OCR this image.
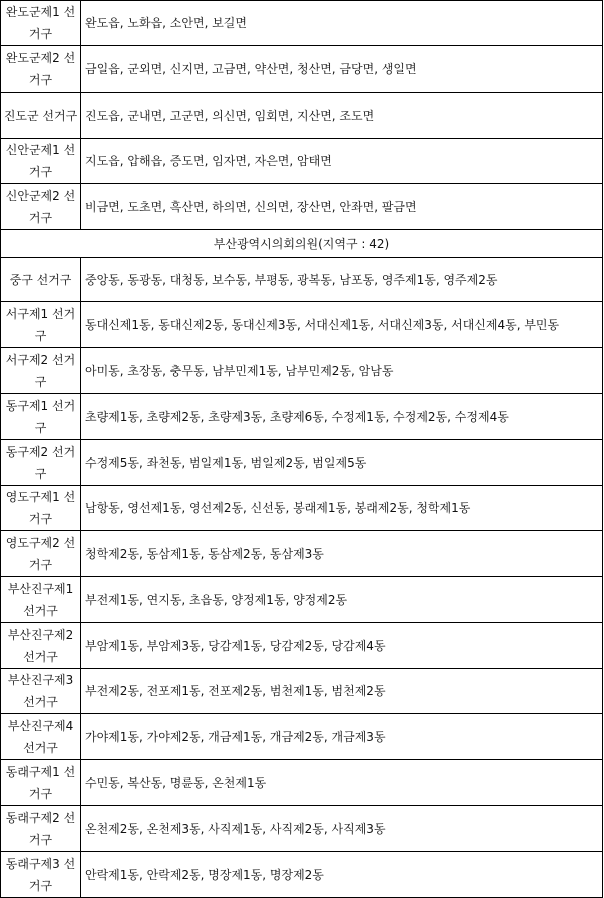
완도군제1 선거구	완도읍, 노화읍, 소안면, 보길면
완도군제2 선거구	금일읍, 군외면, 신지면, 고금면, 약산면, 청산면, 금당면, 생일면
진도군 선거구	진도읍, 군내면, 고군면, 의신면, 임회면, 지산면, 조도면
신안군제1 선거구	지도읍, 압해읍, 증도면, 임자면, 자은면, 암태면
신안군제2 선거구	비금면, 도초면, 흑산면, 하의면, 신의면, 장산면, 안좌면, 팔금면
부산광역시의회의원(지역구 : 42)	
중구 선거구	중앙동, 동광동, 대청동, 보수동, 부평동, 광복동, 남포동, 영주제1동, 영주제2동
서구제1 선거구	동대신제1동, 동대신제2동, 동대신제3동, 서대신제1동, 서대신제3동, 서대신제4동, 부민동
서구제2 선거구	아미동, 초장동, 충무동, 남부민제1동, 남부민제2동, 암남동
동구제1 선거구	초량제1동, 초량제2동, 초량제3동, 초량제6동, 수정제1동, 수정제2동, 수정제4동
동구제2 선거구	수정제5동, 좌천동, 범일제1동, 범일제2동, 범일제5동
영도구제1 선거구	남항동, 영선제1동, 영선제2동, 신선동, 봉래제1동, 봉래제2동, 청학제1동
영도구제2 선거구	청학제2동, 동삼제1동, 동삼제2동, 동삼제3동
부산진구제1 선거구	부전제1동, 연지동, 초읍동, 양정제1동, 양정제2동
부산진구제2 선거구	부암제1동, 부암제3동, 당감제1동, 당감제2동, 당감제4동
부산진구제3 선거구	부전제2동, 전포제1동, 전포제2동, 범천제1동, 범천제2동
부산진구제4 선거구	가야제1동, 가야제2동, 개금제1동, 개금제2동, 개금제3동
동래구제1 선거구	수민동, 복산동, 명륜동, 온천제1동
동래구제2 선거구	온천제2동, 온천제3동, 사직제1동, 사직제2동, 사직제3동
동래구제3 선거구	안락제1동, 안락제2동, 명장제1동, 명장제2동
